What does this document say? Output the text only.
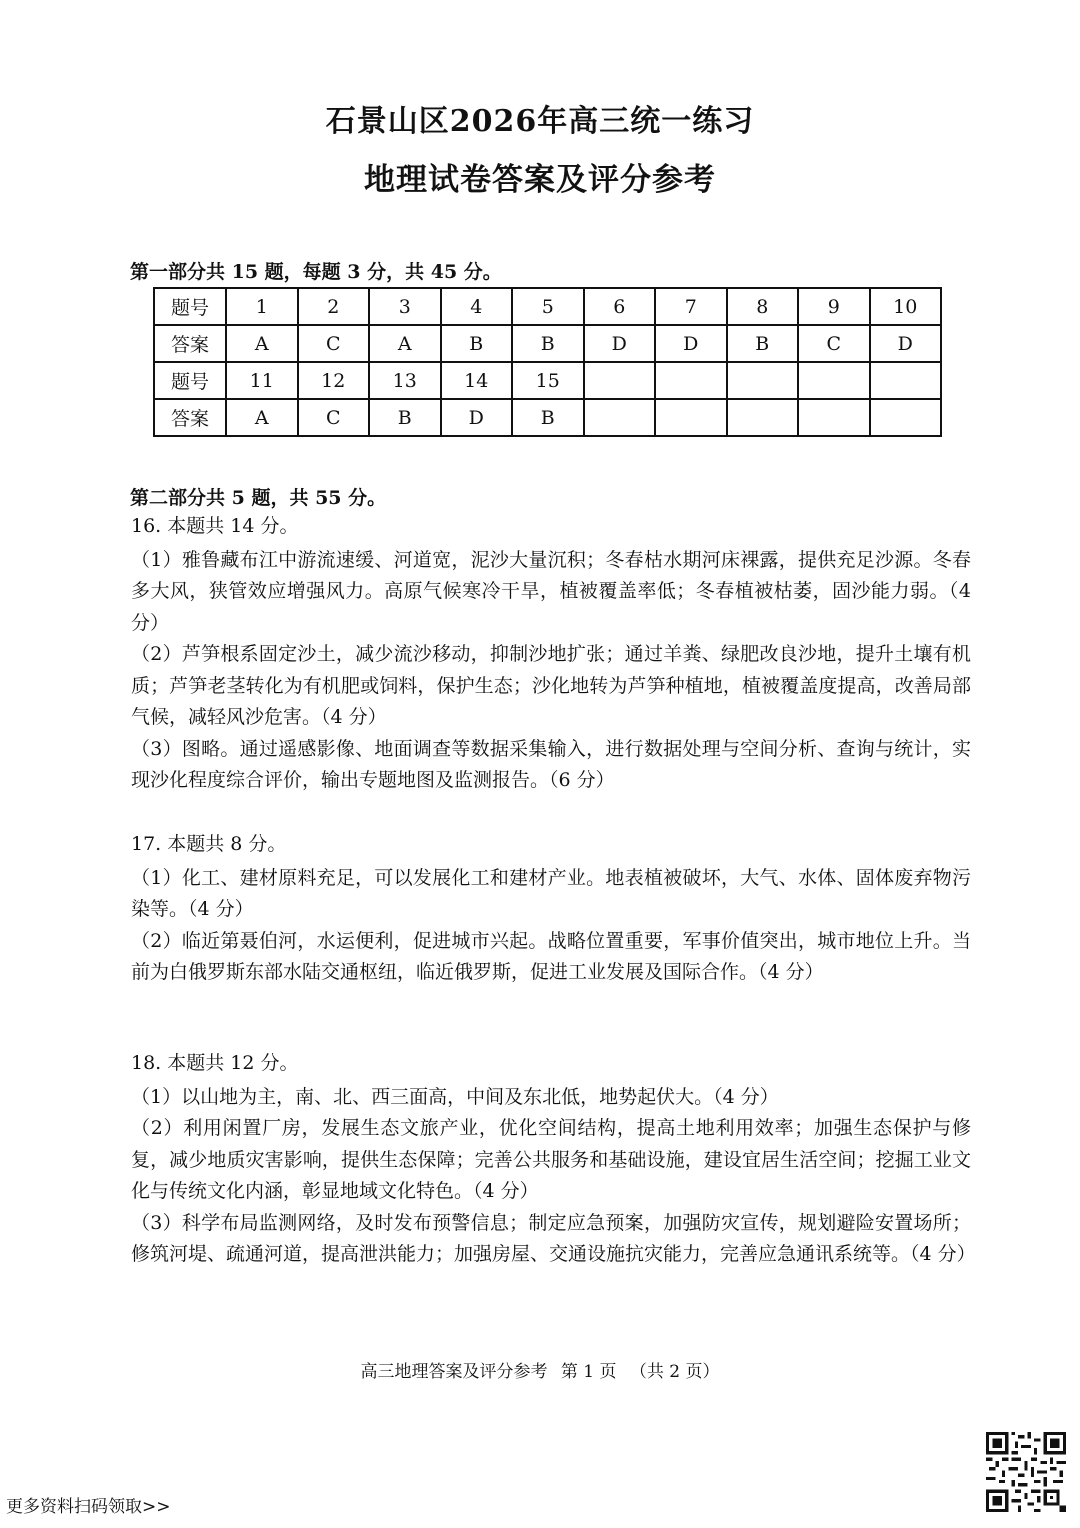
石景山区2026年高三统一练习
地理试卷答案及评分参考
第一部分共 15 题，每题 3 分，共 45 分。
题号	1	2	3	4	5	6	7	8	9	10
答案	A	C	A	B	B	D	D	B	C	D
题号	11	12	13	14	15					
答案	A	C	B	D	B					
第二部分共 5 题，共 55 分。

16. 本题共 14 分。

（1）雅鲁藏布江中游流速缓、河道宽，泥沙大量沉积；冬春枯水期河床裸露，提供充足沙源。冬春多大风，狭管效应增强风力。高原气候寒冷干旱，植被覆盖率低；冬春植被枯萎，固沙能力弱。（4 分）

（2）芦笋根系固定沙土，减少流沙移动，抑制沙地扩张；通过羊粪、绿肥改良沙地，提升土壤有机质；芦笋老茎转化为有机肥或饲料，保护生态；沙化地转为芦笋种植地，植被覆盖度提高，改善局部气候，减轻风沙危害。（4 分）

（3）图略。通过遥感影像、地面调查等数据采集输入，进行数据处理与空间分析、查询与统计，实现沙化程度综合评价，输出专题地图及监测报告。（6 分）

17. 本题共 8 分。

（1）化工、建材原料充足，可以发展化工和建材产业。地表植被破坏，大气、水体、固体废弃物污染等。（4 分）

（2）临近第聂伯河，水运便利，促进城市兴起。战略位置重要，军事价值突出，城市地位上升。当前为白俄罗斯东部水陆交通枢纽，临近俄罗斯，促进工业发展及国际合作。（4 分）

18. 本题共 12 分。

（1）以山地为主，南、北、西三面高，中间及东北低，地势起伏大。（4 分）

（2）利用闲置厂房，发展生态文旅产业，优化空间结构，提高土地利用效率；加强生态保护与修复，减少地质灾害影响，提供生态保障；完善公共服务和基础设施，建设宜居生活空间；挖掘工业文化与传统文化内涵，彰显地域文化特色。（4 分）

（3）科学布局监测网络，及时发布预警信息；制定应急预案，加强防灾宣传，规划避险安置场所；修筑河堤、疏通河道，提高泄洪能力；加强房屋、交通设施抗灾能力，完善应急通讯系统等。（4 分）

高三地理答案及评分参考 第 1 页 （共 2 页）
更多资料扫码领取>>
